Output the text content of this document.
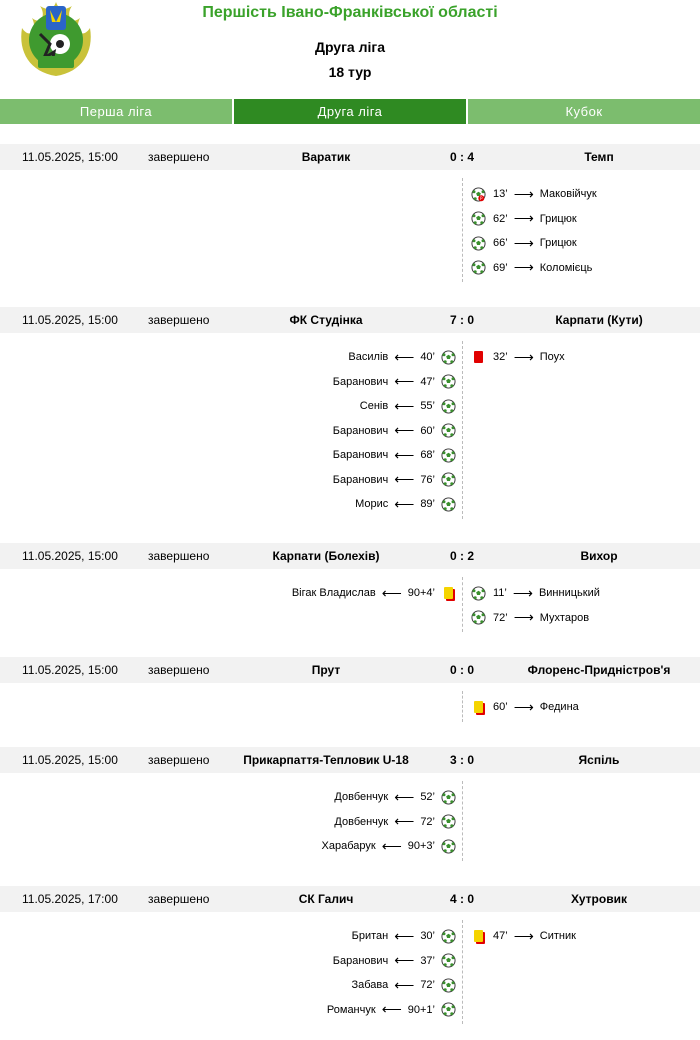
Першість Івано-Франківської області
Друга ліга
18 тур
Перша ліга	Друга ліга	Кубок
11.05.2025, 15:00	завершено	Варатик	0 : 4	Темп
P 13’ ⟶ Маковійчук
62’ ⟶ Грицюк
66’ ⟶ Грицюк
69’ ⟶ Коломієць
11.05.2025, 15:00	завершено	ФК Студінка	7 : 0	Карпати (Кути)
Василів ⟵ 40’
Баранович ⟵ 47’
Сенів ⟵ 55’
Баранович ⟵ 60’
Баранович ⟵ 68’
Баранович ⟵ 76’
Морис ⟵ 89’
32’ ⟶ Поух
11.05.2025, 15:00	завершено	Карпати (Болехів)	0 : 2	Вихор
Вігак Владислав ⟵ 90+4’	11’ ⟶ Винницький
72’ ⟶ Мухтаров
11.05.2025, 15:00	завершено	Прут	0 : 0	Флоренс-Придністров'я
60’ ⟶ Федина
11.05.2025, 15:00	завершено	Прикарпаття-Тепловик U-18	3 : 0	Яспіль
Довбенчук ⟵ 52’
Довбенчук ⟵ 72’
Харабарук ⟵ 90+3’
11.05.2025, 17:00	завершено	СК Галич	4 : 0	Хутровик
Британ ⟵ 30’
Баранович ⟵ 37’
Забава ⟵ 72’
Романчук ⟵ 90+1’
47’ ⟶ Ситник
